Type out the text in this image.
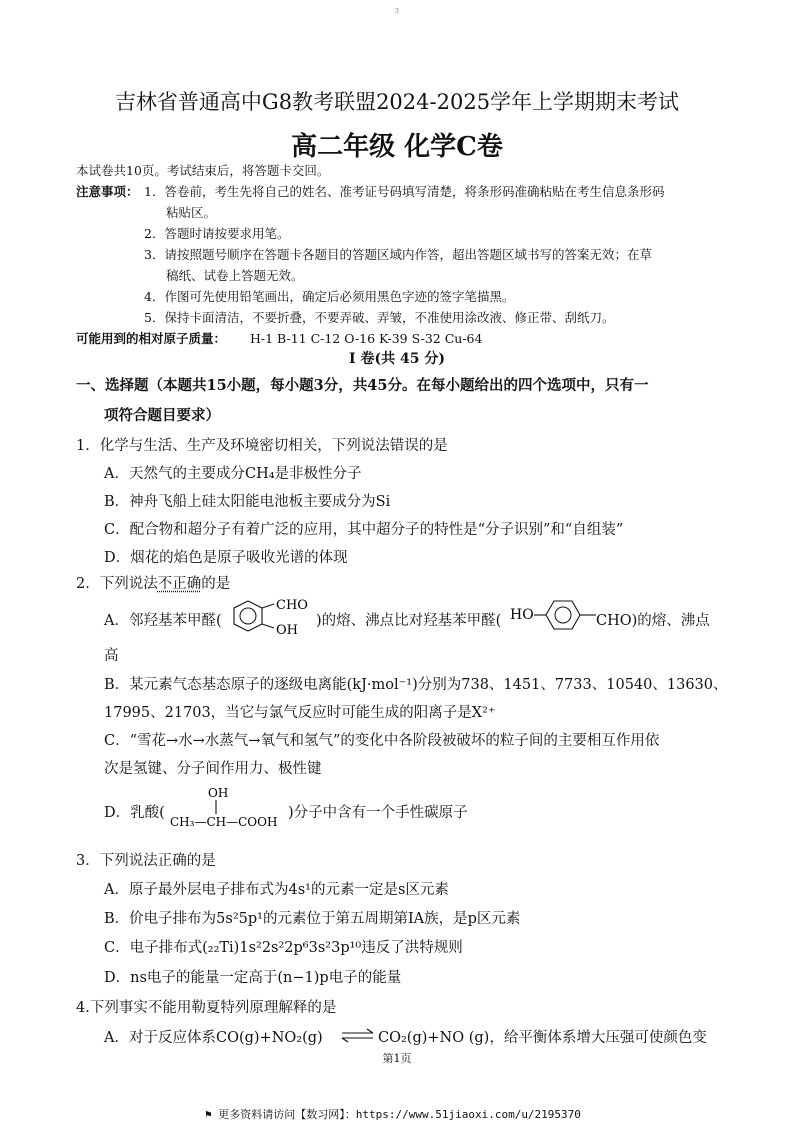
3
吉林省普通高中G8教考联盟2024-2025学年上学期期末考试
高二年级 化学C卷
本试卷共10页。考试结束后，将答题卡交回。
注意事项： 1．答卷前，考生先将自己的姓名、准考证号码填写清楚，将条形码准确粘贴在考生信息条形码
粘贴区。
2．答题时请按要求用笔。
3．请按照题号顺序在答题卡各题目的答题区域内作答，超出答题区域书写的答案无效；在草
稿纸、试卷上答题无效。
4．作图可先使用铅笔画出，确定后必须用黑色字迹的签字笔描黑。
5．保持卡面清洁，不要折叠，不要弄破、弄皱，不准使用涂改液、修正带、刮纸刀。
可能用到的相对原子质量： H-1 B-11 C-12 O-16 K-39 S-32 Cu-64
I 卷(共 45 分)
一、选择题（本题共15小题，每小题3分，共45分。在每小题给出的四个选项中，只有一
项符合题目要求）
1．化学与生活、生产及环境密切相关，下列说法错误的是
A．天然气的主要成分CH₄是非极性分子
B．神舟飞船上硅太阳能电池板主要成分为Si
C．配合物和超分子有着广泛的应用，其中超分子的特性是“分子识别”和“自组装”
D．烟花的焰色是原子吸收光谱的体现
2．下列说法不正确的是
A．邻羟基苯甲醛(
CHO
OH
)的熔、沸点比对羟基苯甲醛( HO	CHO)的熔、沸点
高
B．某元素气态基态原子的逐级电离能(kJ·mol⁻¹)分别为738、1451、7733、10540、13630、
17995、21703，当它与氯气反应时可能生成的阳离子是X²⁺
C．“雪花→水→水蒸气→氧气和氢气”的变化中各阶段被破坏的粒子间的主要相互作用依
次是氢键、分子间作用力、极性键
D．乳酸(
OH
CH₃—CH—COOH
)分子中含有一个手性碳原子
3．下列说法正确的是
A．原子最外层电子排布式为4s¹的元素一定是s区元素
B．价电子排布为5s²5p¹的元素位于第五周期第ⅠA族，是p区元素
C．电子排布式(₂₂Ti)1s²2s²2p⁶3s²3p¹⁰违反了洪特规则
D．ns电子的能量一定高于(n−1)p电子的能量
4.下列事实不能用勒夏特列原理解释的是
A．对于反应体系CO(g)+NO₂(g) ⇌ CO₂(g)+NO (g)，给平衡体系增大压强可使颜色变
第1页
⚑ 更多资料请访问【数习网】：https://www.51jiaoxi.com/u/2195370
